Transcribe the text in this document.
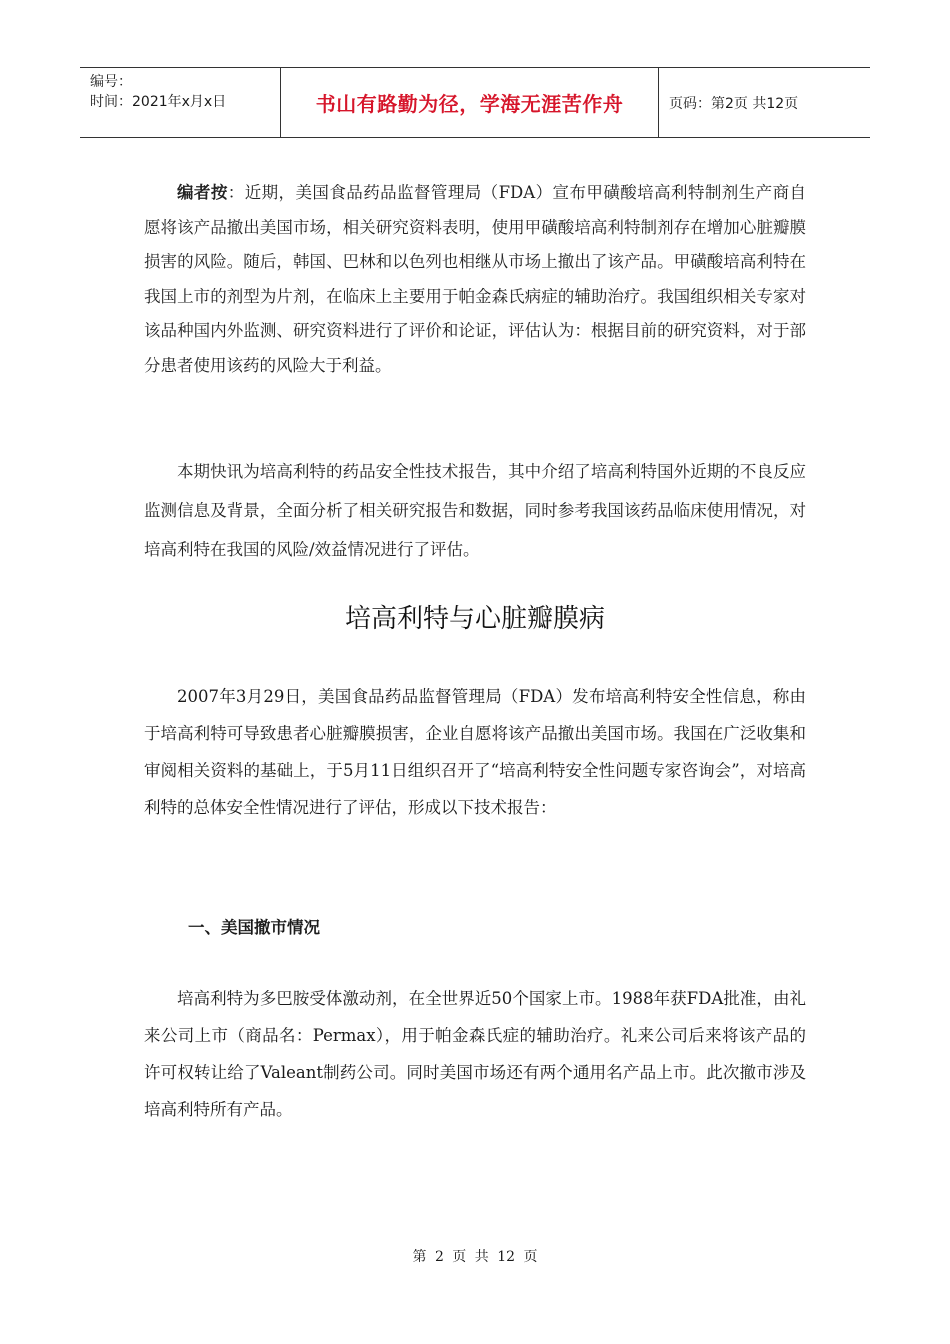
编号：
时间：2021年x月x日	书山有路勤为径，学海无涯苦作舟	页码：第2页 共12页

编者按：近期，美国食品药品监督管理局（FDA）宣布甲磺酸培高利特制剂生产商自愿将该产品撤出美国市场，相关研究资料表明，使用甲磺酸培高利特制剂存在增加心脏瓣膜损害的风险。随后，韩国、巴林和以色列也相继从市场上撤出了该产品。甲磺酸培高利特在我国上市的剂型为片剂，在临床上主要用于帕金森氏病症的辅助治疗。我国组织相关专家对该品种国内外监测、研究资料进行了评价和论证，评估认为：根据目前的研究资料，对于部分患者使用该药的风险大于利益。

本期快讯为培高利特的药品安全性技术报告，其中介绍了培高利特国外近期的不良反应监测信息及背景，全面分析了相关研究报告和数据，同时参考我国该药品临床使用情况，对培高利特在我国的风险/效益情况进行了评估。

培高利特与心脏瓣膜病

2007年3月29日，美国食品药品监督管理局（FDA）发布培高利特安全性信息，称由于培高利特可导致患者心脏瓣膜损害，企业自愿将该产品撤出美国市场。我国在广泛收集和审阅相关资料的基础上，于5月11日组织召开了“培高利特安全性问题专家咨询会”，对培高利特的总体安全性情况进行了评估，形成以下技术报告：

一、美国撤市情况

培高利特为多巴胺受体激动剂，在全世界近50个国家上市。1988年获FDA批准，由礼来公司上市（商品名：Permax），用于帕金森氏症的辅助治疗。礼来公司后来将该产品的许可权转让给了Valeant制药公司。同时美国市场还有两个通用名产品上市。此次撤市涉及培高利特所有产品。

第 2 页 共 12 页
